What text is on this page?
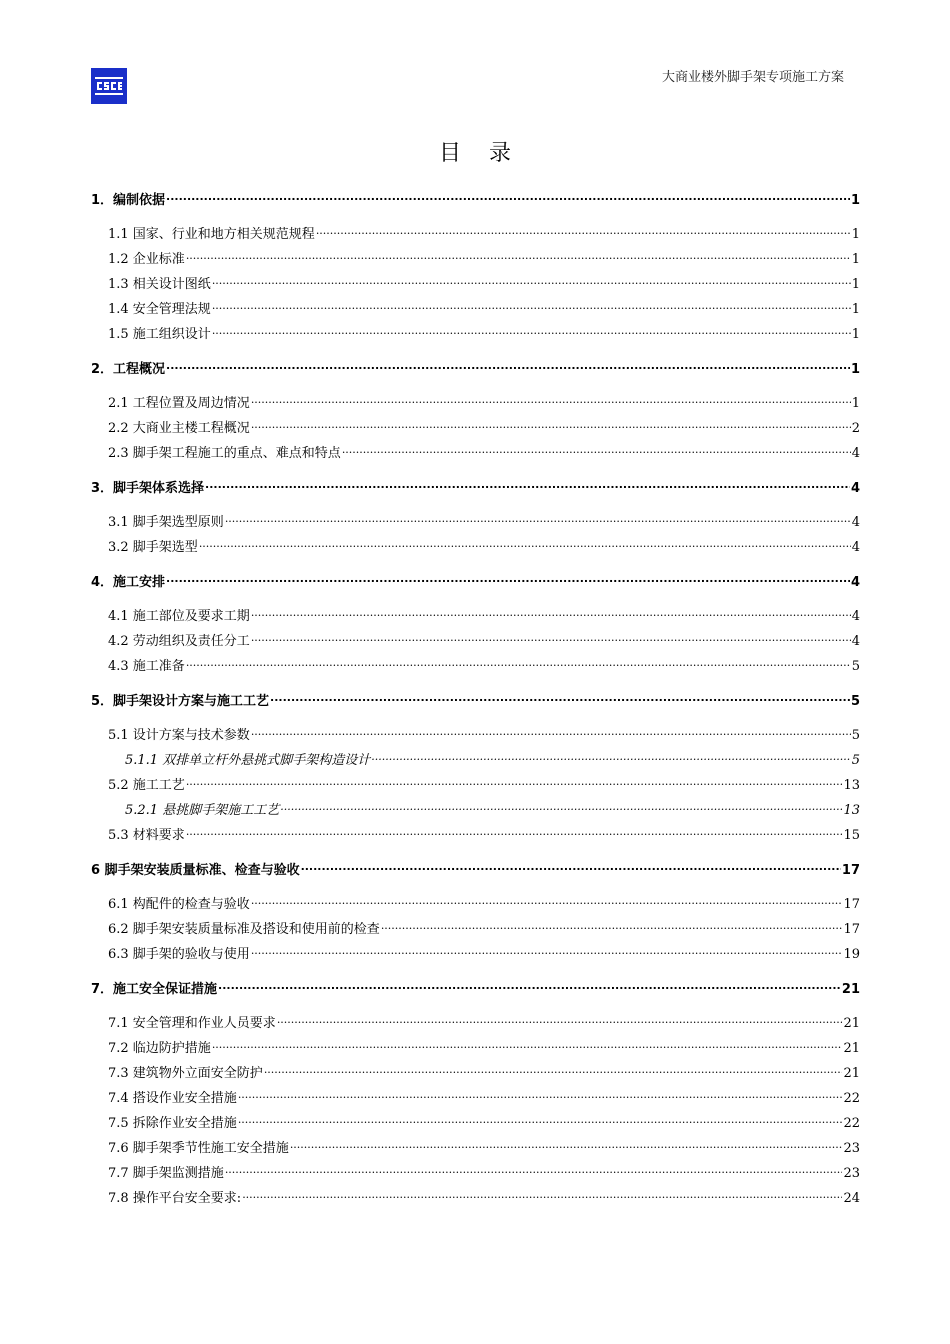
大商业楼外脚手架专项施工方案
目录
1．编制依据 .....	1
1.1 国家、行业和地方相关规范规程 .....	1
1.2 企业标准 .....	1
1.3 相关设计图纸 .....	1
1.4 安全管理法规 .....	1
1.5 施工组织设计 .....	1
2．工程概况 .....	1
2.1 工程位置及周边情况 .....	1
2.2 大商业主楼工程概况 .....	2
2.3 脚手架工程施工的重点、难点和特点 .....	4
3．脚手架体系选择 .....	4
3.1 脚手架选型原则 .....	4
3.2 脚手架选型 .....	4
4．施工安排 .....	4
4.1 施工部位及要求工期 .....	4
4.2 劳动组织及责任分工 .....	4
4.3 施工准备 .....	5
5．脚手架设计方案与施工工艺 .....	5
5.1 设计方案与技术参数 .....	5
5.1.1 双排单立杆外悬挑式脚手架构造设计 .....	5
5.2 施工工艺 .....	13
5.2.1 悬挑脚手架施工工艺 .....	13
5.3 材料要求 .....	15
6 脚手架安装质量标准、检查与验收 .....	17
6.1 构配件的检查与验收 .....	17
6.2 脚手架安装质量标准及搭设和使用前的检查 .....	17
6.3 脚手架的验收与使用 .....	19
7．施工安全保证措施 .....	21
7.1 安全管理和作业人员要求 .....	21
7.2 临边防护措施 .....	21
7.3 建筑物外立面安全防护 .....	21
7.4 搭设作业安全措施 .....	22
7.5 拆除作业安全措施 .....	22
7.6 脚手架季节性施工安全措施 .....	23
7.7 脚手架监测措施 .....	23
7.8 操作平台安全要求: .....	24
